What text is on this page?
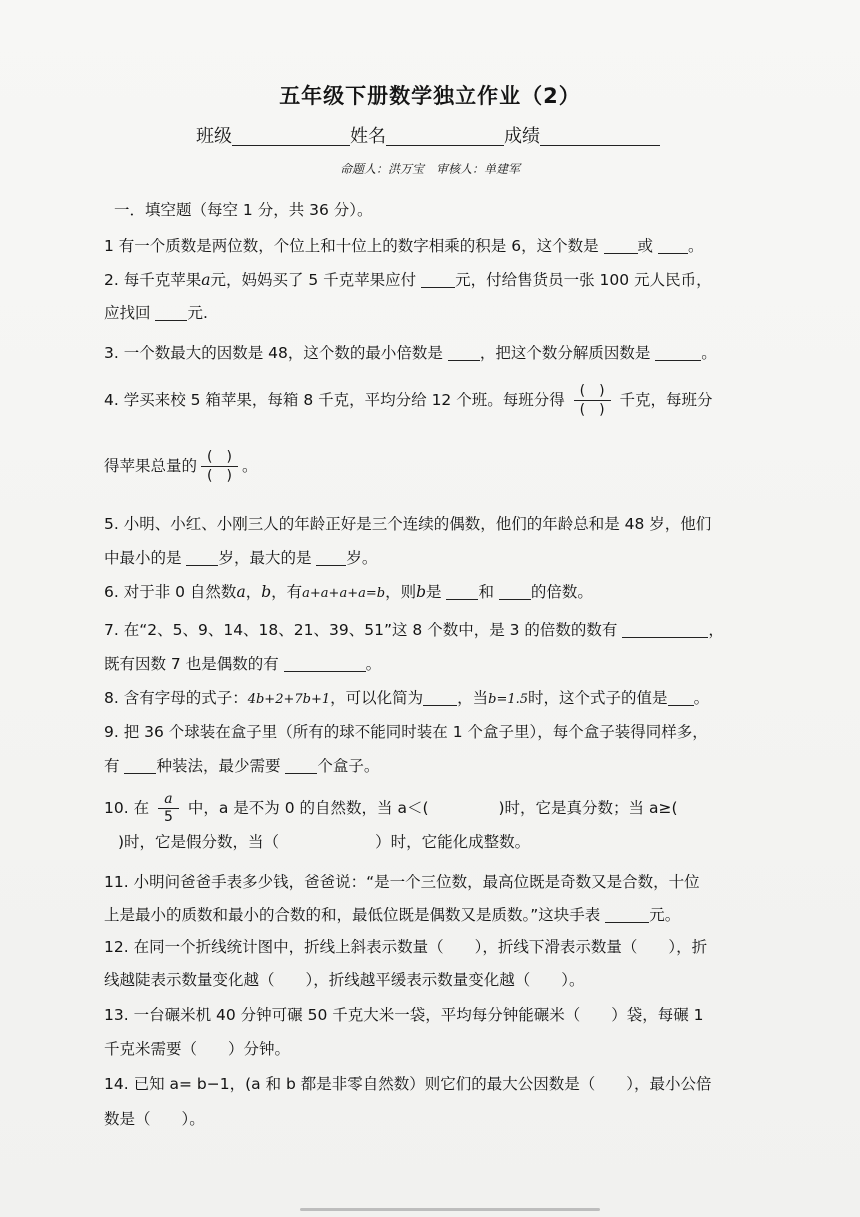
五年级下册数学独立作业（2）
班级	姓名	成绩
命题人：洪万宝　审核人：单建军
一．填空题（每空 1 分，共 36 分）。
1 有一个质数是两位数，个位上和十位上的数字相乘的积是 6，这个数是	或 。
2. 每千克苹果a元，妈妈买了 5 千克苹果应付	元，付给售货员一张 100 元人民币，
应找回 元.
3. 一个数最大的因数是 48，这个数的最小倍数是 ，把这个数分解质因数是	。
4. 学买来校 5 箱苹果，每箱 8 千克，平均分给 12 个班。每班分得 $\frac{( )}{( )}$ 千克，每班分
得苹果总量的 $\frac{( )}{( )}$ 。
5. 小明、小红、小刚三人的年龄正好是三个连续的偶数，他们的年龄总和是 48 岁，他们
中最小的是 岁，最大的是 岁。
6. 对于非 0 自然数a，b，有a+a+a+a=b，则b是 和 的倍数。
7. 在“2、5、9、14、18、21、39、51”这 8 个数中，是 3 的倍数的数有	，
既有因数 7 也是偶数的有	。
8. 含有字母的式子：4b+2+7b+1，可以化简为 ，当b=1.5时，这个式子的值是 。
9. 把 36 个球装在盒子里（所有的球不能同时装在 1 个盒子里），每个盒子装得同样多，
有 种装法，最少需要 个盒子。
10. 在 $\frac{a}{5}$ 中，a 是不为 0 的自然数，当 a＜(	)时，它是真分数；当 a≥(
)时，它是假分数，当（	）时，它能化成整数。
11. 小明问爸爸手表多少钱，爸爸说：“是一个三位数，最高位既是奇数又是合数，十位
上是最小的质数和最小的合数的和，最低位既是偶数又是质数。”这块手表	元。
12. 在同一个折线统计图中，折线上斜表示数量（　　），折线下滑表示数量（　　），折
线越陡表示数量变化越（　　），折线越平缓表示数量变化越（　　）。
13. 一台碾米机 40 分钟可碾 50 千克大米一袋，平均每分钟能碾米（　　）袋，每碾 1
千克米需要（　　）分钟。
14. 已知 a= b−1，(a 和 b 都是非零自然数）则它们的最大公因数是（　　），最小公倍
数是（　　）。
